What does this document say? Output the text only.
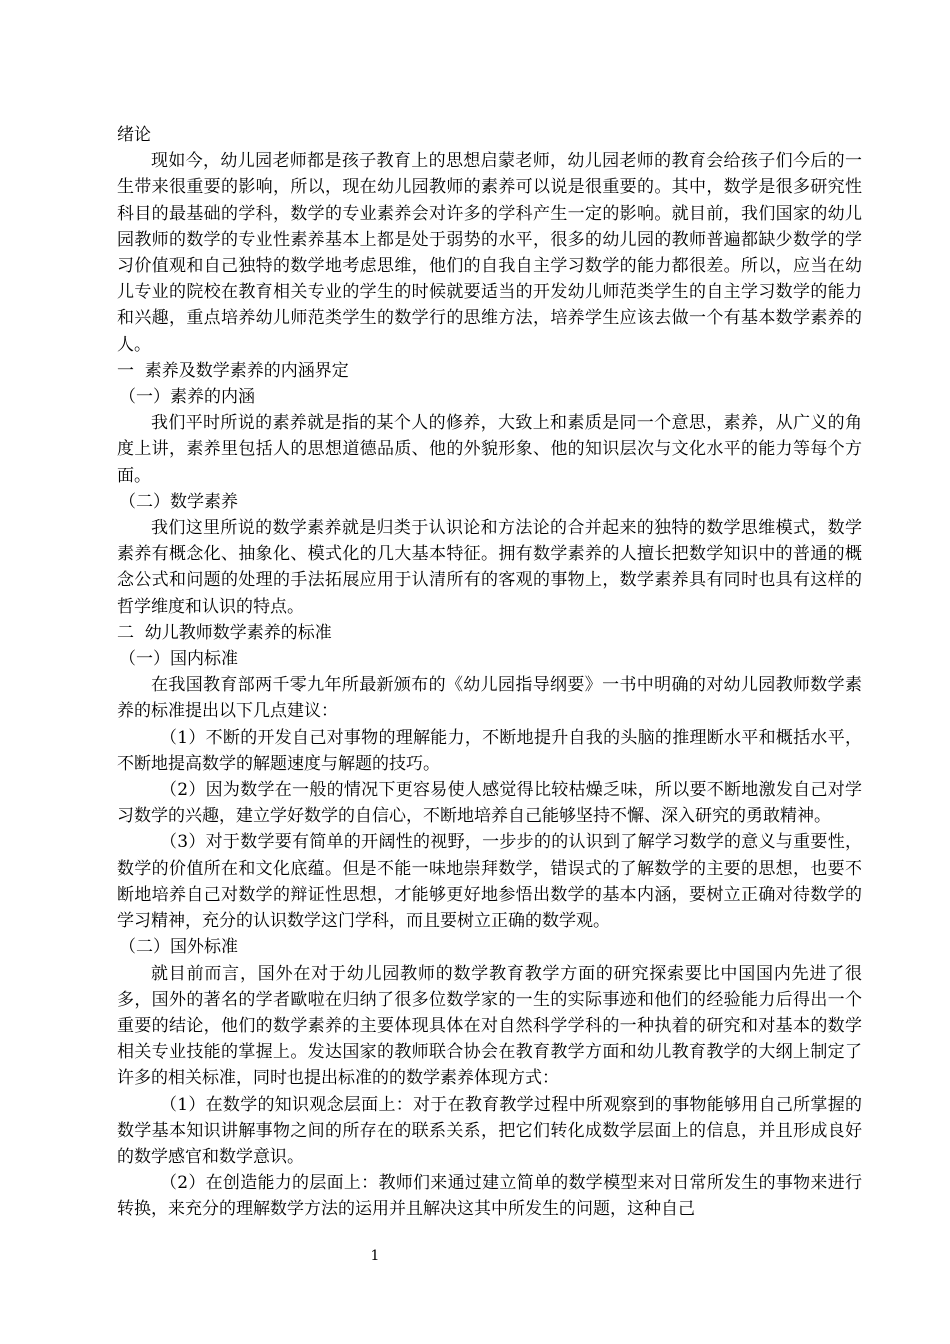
绪论

现如今，幼儿园老师都是孩子教育上的思想启蒙老师，幼儿园老师的教育会给孩子们今后的一生带来很重要的影响，所以，现在幼儿园教师的素养可以说是很重要的。其中，数学是很多研究性科目的最基础的学科，数学的专业素养会对许多的学科产生一定的影响。就目前，我们国家的幼儿园教师的数学的专业性素养基本上都是处于弱势的水平，很多的幼儿园的教师普遍都缺少数学的学习价值观和自己独特的数学地考虑思维，他们的自我自主学习数学的能力都很差。所以，应当在幼儿专业的院校在教育相关专业的学生的时候就要适当的开发幼儿师范类学生的自主学习数学的能力和兴趣，重点培养幼儿师范类学生的数学行的思维方法，培养学生应该去做一个有基本数学素养的人。

一  素养及数学素养的内涵界定

（一）素养的内涵

我们平时所说的素养就是指的某个人的修养，大致上和素质是同一个意思，素养，从广义的角度上讲，素养里包括人的思想道德品质、他的外貌形象、他的知识层次与文化水平的能力等每个方面。

（二）数学素养

我们这里所说的数学素养就是归类于认识论和方法论的合并起来的独特的数学思维模式，数学素养有概念化、抽象化、模式化的几大基本特征。拥有数学素养的人擅长把数学知识中的普通的概念公式和问题的处理的手法拓展应用于认清所有的客观的事物上，数学素养具有同时也具有这样的哲学维度和认识的特点。

二  幼儿教师数学素养的标准

（一）国内标准

在我国教育部两千零九年所最新颁布的《幼儿园指导纲要》一书中明确的对幼儿园教师数学素养的标准提出以下几点建议：

（1）不断的开发自己对事物的理解能力，不断地提升自我的头脑的推理断水平和概括水平，不断地提高数学的解题速度与解题的技巧。

（2）因为数学在一般的情况下更容易使人感觉得比较枯燥乏味，所以要不断地激发自己对学习数学的兴趣，建立学好数学的自信心，不断地培养自己能够坚持不懈、深入研究的勇敢精神。

（3）对于数学要有简单的开阔性的视野，一步步的的认识到了解学习数学的意义与重要性，数学的价值所在和文化底蕴。但是不能一味地崇拜数学，错误式的了解数学的主要的思想，也要不断地培养自己对数学的辩证性思想，才能够更好地参悟出数学的基本内涵，要树立正确对待数学的学习精神，充分的认识数学这门学科，而且要树立正确的数学观。

（二）国外标准

就目前而言，国外在对于幼儿园教师的数学教育教学方面的研究探索要比中国国内先进了很多，国外的著名的学者歐啦在归纳了很多位数学家的一生的实际事迹和他们的经验能力后得出一个重要的结论，他们的数学素养的主要体现具体在对自然科学学科的一种执着的研究和对基本的数学相关专业技能的掌握上。发达国家的教师联合协会在教育教学方面和幼儿教育教学的大纲上制定了许多的相关标准，同时也提出标准的的数学素养体现方式：

（1）在数学的知识观念层面上：对于在教育教学过程中所观察到的事物能够用自己所掌握的数学基本知识讲解事物之间的所存在的联系关系，把它们转化成数学层面上的信息，并且形成良好的数学感官和数学意识。

（2）在创造能力的层面上：教师们来通过建立简单的数学模型来对日常所发生的事物来进行转换，来充分的理解数学方法的运用并且解决这其中所发生的问题，这种自己

1
